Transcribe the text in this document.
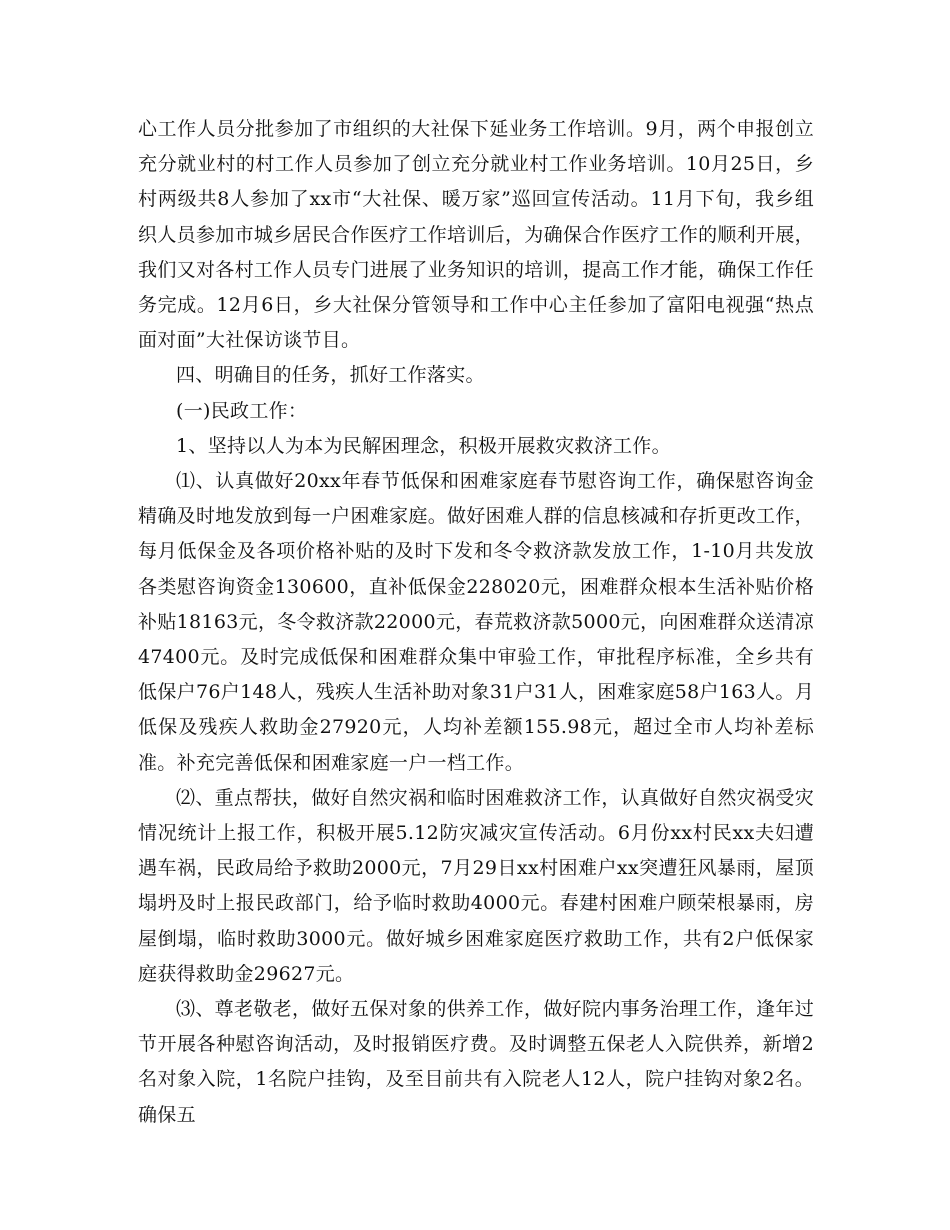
心工作人员分批参加了市组织的大社保下延业务工作培训。9月，两个申报创立充分就业村的村工作人员参加了创立充分就业村工作业务培训。10月25日，乡村两级共8人参加了xx市“大社保、暖万家”巡回宣传活动。11月下旬，我乡组织人员参加市城乡居民合作医疗工作培训后，为确保合作医疗工作的顺利开展，我们又对各村工作人员专门进展了业务知识的培训，提高工作才能，确保工作任务完成。12月6日，乡大社保分管领导和工作中心主任参加了富阳电视强“热点面对面”大社保访谈节目。

四、明确目的任务，抓好工作落实。

(一)民政工作：

1、坚持以人为本为民解困理念，积极开展救灾救济工作。

⑴、认真做好20xx年春节低保和困难家庭春节慰咨询工作，确保慰咨询金精确及时地发放到每一户困难家庭。做好困难人群的信息核减和存折更改工作，每月低保金及各项价格补贴的及时下发和冬令救济款发放工作，1-10月共发放各类慰咨询资金130600，直补低保金228020元，困难群众根本生活补贴价格补贴18163元，冬令救济款22000元，春荒救济款5000元，向困难群众送清凉47400元。及时完成低保和困难群众集中审验工作，审批程序标准，全乡共有低保户76户148人，残疾人生活补助对象31户31人，困难家庭58户163人。月低保及残疾人救助金27920元，人均补差额155.98元，超过全市人均补差标准。补充完善低保和困难家庭一户一档工作。

⑵、重点帮扶，做好自然灾祸和临时困难救济工作，认真做好自然灾祸受灾情况统计上报工作，积极开展5.12防灾减灾宣传活动。6月份xx村民xx夫妇遭遇车祸，民政局给予救助2000元，7月29日xx村困难户xx突遭狂风暴雨，屋顶塌坍及时上报民政部门，给予临时救助4000元。春建村困难户顾荣根暴雨，房屋倒塌，临时救助3000元。做好城乡困难家庭医疗救助工作，共有2户低保家庭获得救助金29627元。

⑶、尊老敬老，做好五保对象的供养工作，做好院内事务治理工作，逢年过节开展各种慰咨询活动，及时报销医疗费。及时调整五保老人入院供养，新增2名对象入院，1名院户挂钩，及至目前共有入院老人12人，院户挂钩对象2名。确保五
